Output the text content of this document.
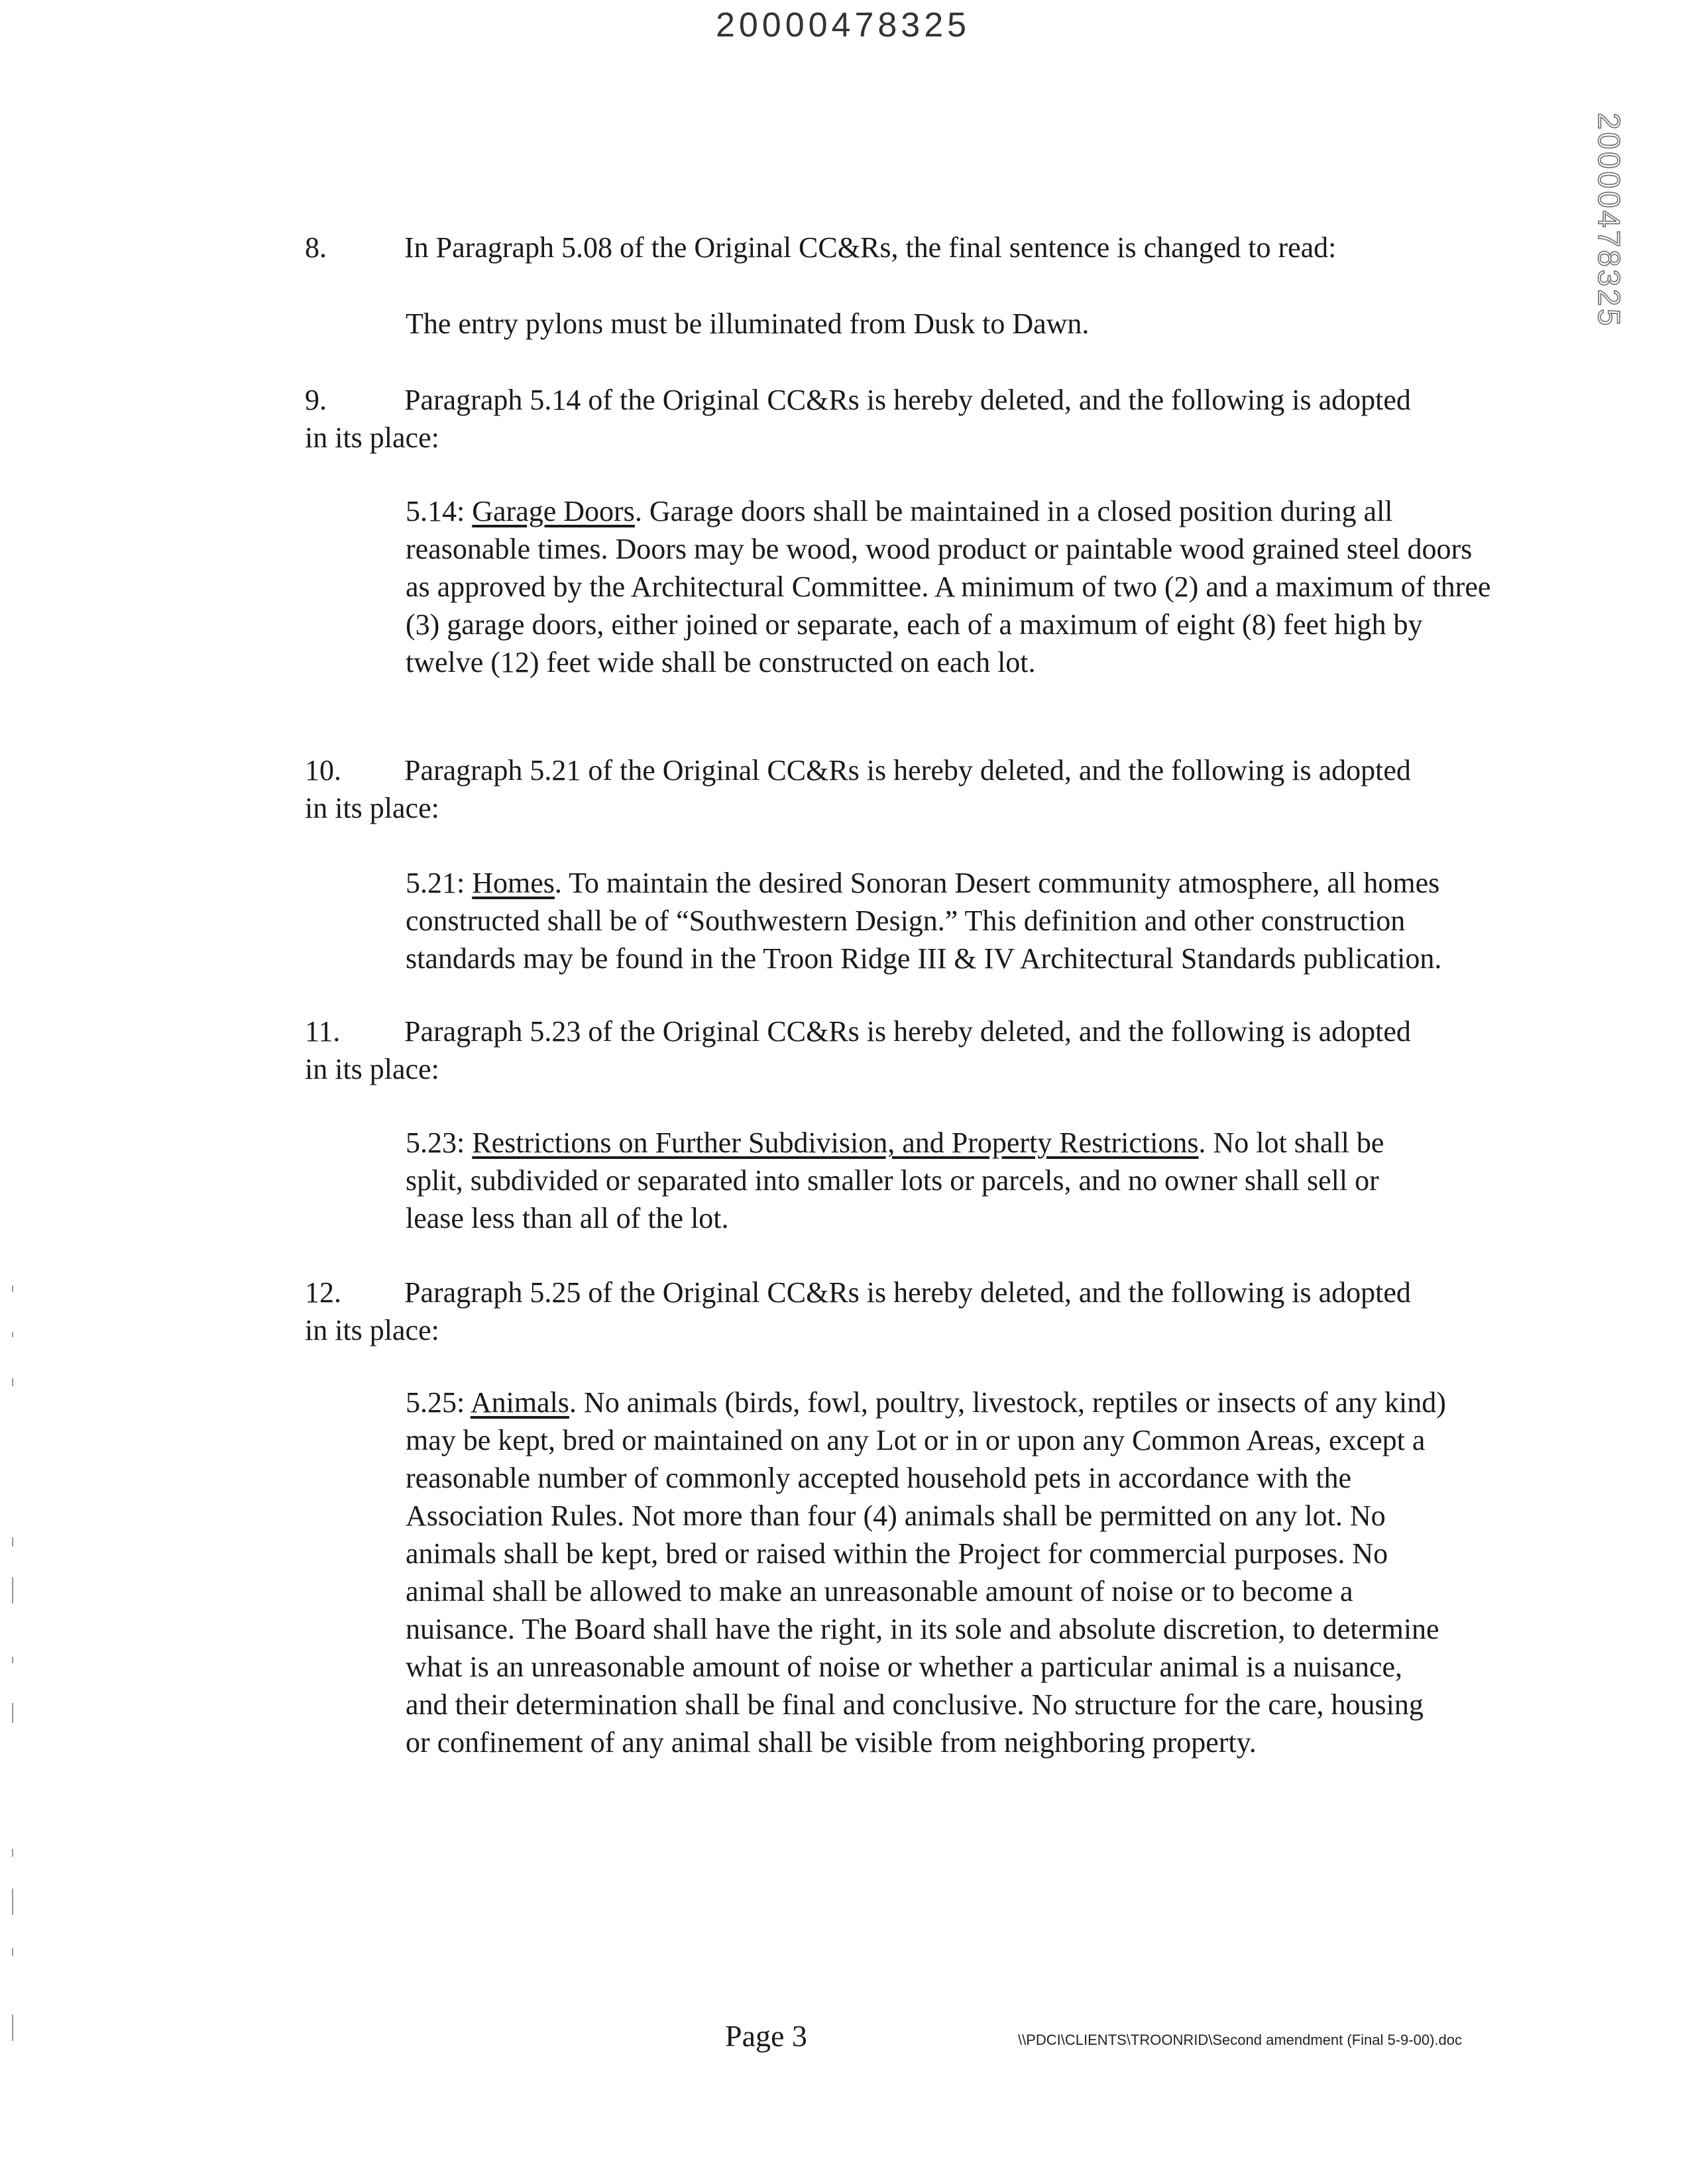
20000478325
20000478325

8.	In Paragraph 5.08 of the Original CC&Rs, the final sentence is changed to read:

The entry pylons must be illuminated from Dusk to Dawn.

9.	Paragraph 5.14 of the Original CC&Rs is hereby deleted, and the following is adopted in its place:

5.14: Garage Doors. Garage doors shall be maintained in a closed position during all reasonable times. Doors may be wood, wood product or paintable wood grained steel doors as approved by the Architectural Committee. A minimum of two (2) and a maximum of three (3) garage doors, either joined or separate, each of a maximum of eight (8) feet high by twelve (12) feet wide shall be constructed on each lot.

10. Paragraph 5.21 of the Original CC&Rs is hereby deleted, and the following is adopted in its place:

5.21: Homes. To maintain the desired Sonoran Desert community atmosphere, all homes constructed shall be of “Southwestern Design.” This definition and other construction standards may be found in the Troon Ridge III & IV Architectural Standards publication.

11. Paragraph 5.23 of the Original CC&Rs is hereby deleted, and the following is adopted in its place:

5.23: Restrictions on Further Subdivision, and Property Restrictions. No lot shall be split, subdivided or separated into smaller lots or parcels, and no owner shall sell or lease less than all of the lot.

12. Paragraph 5.25 of the Original CC&Rs is hereby deleted, and the following is adopted in its place:

5.25: Animals. No animals (birds, fowl, poultry, livestock, reptiles or insects of any kind) may be kept, bred or maintained on any Lot or in or upon any Common Areas, except a reasonable number of commonly accepted household pets in accordance with the Association Rules. Not more than four (4) animals shall be permitted on any lot. No animals shall be kept, bred or raised within the Project for commercial purposes. No animal shall be allowed to make an unreasonable amount of noise or to become a nuisance. The Board shall have the right, in its sole and absolute discretion, to determine what is an unreasonable amount of noise or whether a particular animal is a nuisance, and their determination shall be final and conclusive. No structure for the care, housing or confinement of any animal shall be visible from neighboring property.

Page 3	\\PDCI\CLIENTS\TROONRID\Second amendment (Final 5-9-00).doc
